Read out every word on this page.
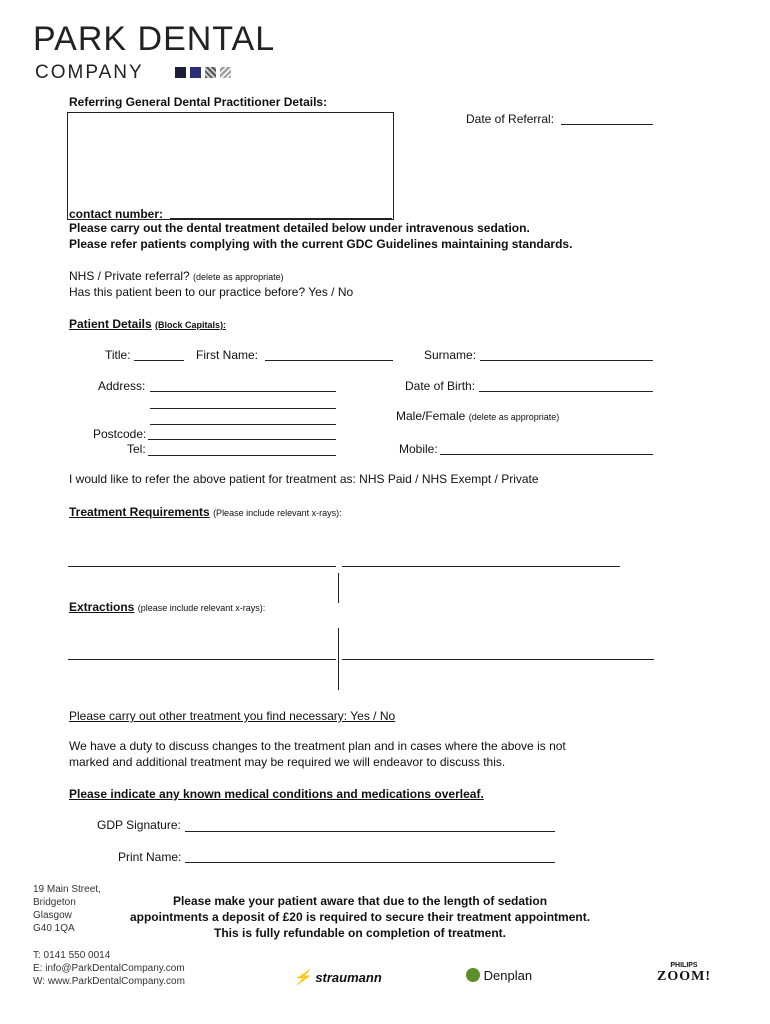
PARK DENTAL
COMPANY
Referring General Dental Practitioner Details:
Date of Referral:
contact number:
Please carry out the dental treatment detailed below under intravenous sedation.
Please refer patients complying with the current GDC Guidelines maintaining standards.
NHS / Private referral? (delete as appropriate)
Has this patient been to our practice before? Yes / No
Patient Details (Block Capitals):
Title:	First Name:	Surname:
Address:	Date of Birth:
Male/Female (delete as appropriate)
Postcode:
Tel:	Mobile:
I would like to refer the above patient for treatment as: NHS Paid / NHS Exempt / Private
Treatment Requirements (Please include relevant x-rays):
Extractions (please include relevant x-rays):
Please carry out other treatment you find necessary: Yes / No
We have a duty to discuss changes to the treatment plan and in cases where the above is not
marked and additional treatment may be required we will endeavor to discuss this.
Please indicate any known medical conditions and medications overleaf.
GDP Signature:
Print Name:
19 Main Street,
Bridgeton
Glasgow
G40 1QA
T: 0141 550 0014
E: info@ParkDentalCompany.com
W: www.ParkDentalCompany.com
Please make your patient aware that due to the length of sedation
appointments a deposit of £20 is required to secure their treatment appointment.
This is fully refundable on completion of treatment.
⚡ straumann	Denplan
PHILIPS
ZOOM!
